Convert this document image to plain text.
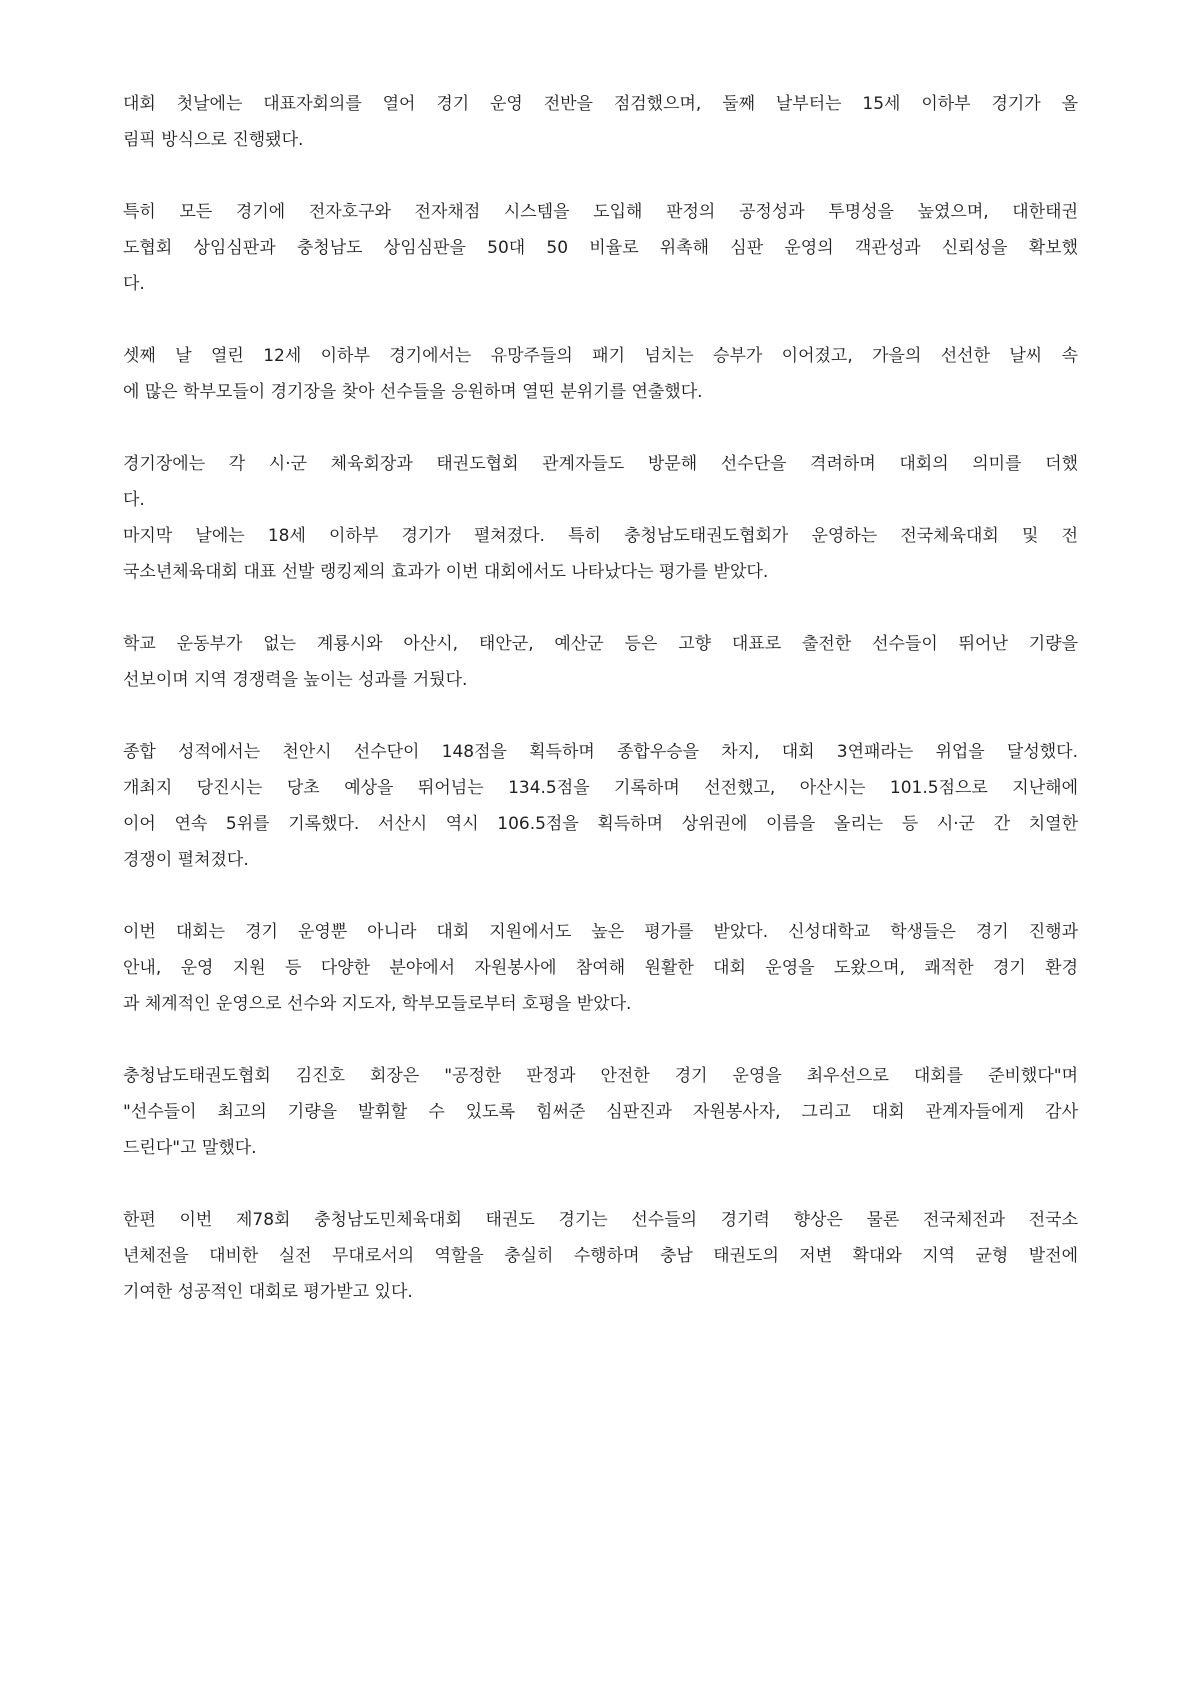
대회 첫날에는 대표자회의를 열어 경기 운영 전반을 점검했으며, 둘째 날부터는 15세 이하부 경기가 올
림픽 방식으로 진행됐다.

특히 모든 경기에 전자호구와 전자채점 시스템을 도입해 판정의 공정성과 투명성을 높였으며, 대한태권
도협회 상임심판과 충청남도 상임심판을 50대 50 비율로 위촉해 심판 운영의 객관성과 신뢰성을 확보했
다.

셋째 날 열린 12세 이하부 경기에서는 유망주들의 패기 넘치는 승부가 이어졌고, 가을의 선선한 날씨 속
에 많은 학부모들이 경기장을 찾아 선수들을 응원하며 열띤 분위기를 연출했다.

경기장에는 각 시·군 체육회장과 태권도협회 관계자들도 방문해 선수단을 격려하며 대회의 의미를 더했
다.

마지막 날에는 18세 이하부 경기가 펼쳐졌다. 특히 충청남도태권도협회가 운영하는 전국체육대회 및 전
국소년체육대회 대표 선발 랭킹제의 효과가 이번 대회에서도 나타났다는 평가를 받았다.

학교 운동부가 없는 계룡시와 아산시, 태안군, 예산군 등은 고향 대표로 출전한 선수들이 뛰어난 기량을
선보이며 지역 경쟁력을 높이는 성과를 거뒀다.

종합 성적에서는 천안시 선수단이 148점을 획득하며 종합우승을 차지, 대회 3연패라는 위업을 달성했다.
개최지 당진시는 당초 예상을 뛰어넘는 134.5점을 기록하며 선전했고, 아산시는 101.5점으로 지난해에
이어 연속 5위를 기록했다. 서산시 역시 106.5점을 획득하며 상위권에 이름을 올리는 등 시·군 간 치열한
경쟁이 펼쳐졌다.

이번 대회는 경기 운영뿐 아니라 대회 지원에서도 높은 평가를 받았다. 신성대학교 학생들은 경기 진행과
안내, 운영 지원 등 다양한 분야에서 자원봉사에 참여해 원활한 대회 운영을 도왔으며, 쾌적한 경기 환경
과 체계적인 운영으로 선수와 지도자, 학부모들로부터 호평을 받았다.

충청남도태권도협회 김진호 회장은 "공정한 판정과 안전한 경기 운영을 최우선으로 대회를 준비했다"며
"선수들이 최고의 기량을 발휘할 수 있도록 힘써준 심판진과 자원봉사자, 그리고 대회 관계자들에게 감사
드린다"고 말했다.

한편 이번 제78회 충청남도민체육대회 태권도 경기는 선수들의 경기력 향상은 물론 전국체전과 전국소
년체전을 대비한 실전 무대로서의 역할을 충실히 수행하며 충남 태권도의 저변 확대와 지역 균형 발전에
기여한 성공적인 대회로 평가받고 있다.
